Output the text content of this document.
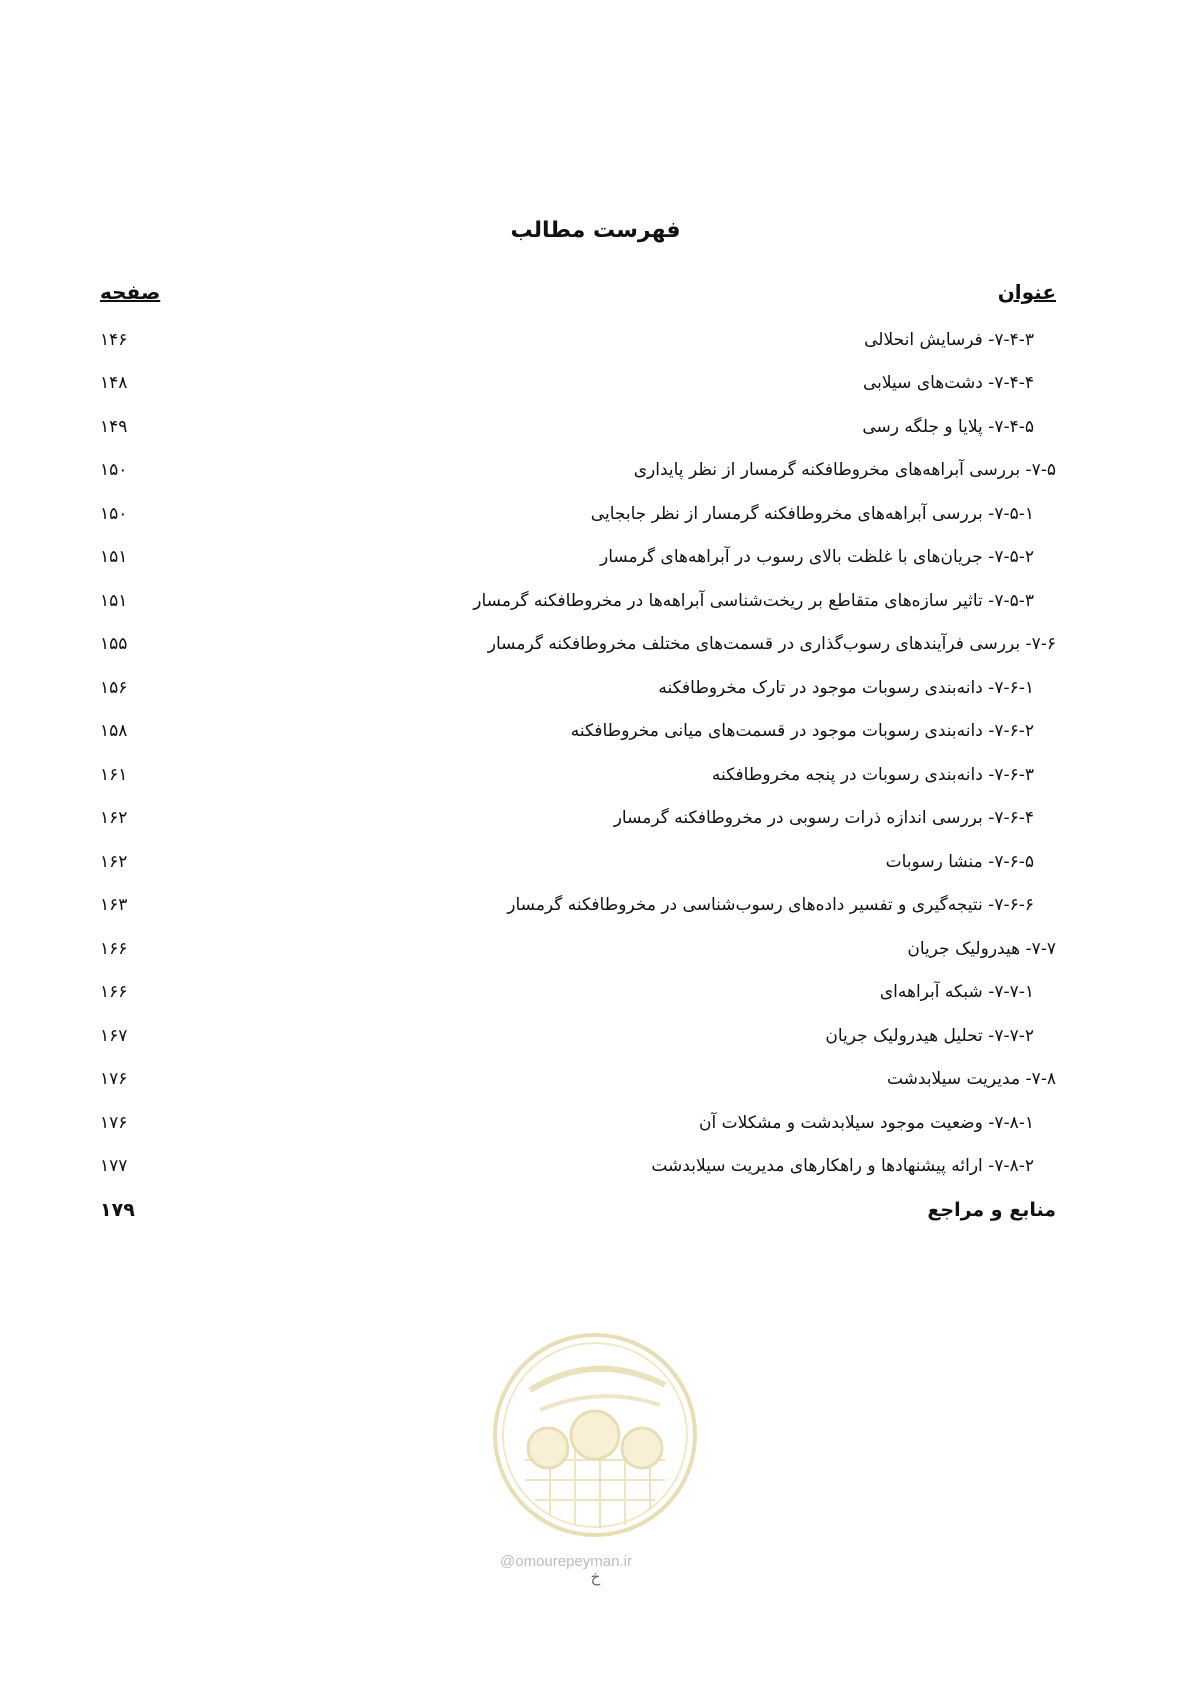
فهرست مطالب
عنوان
صفحه
۷-۴-۳- فرسایش انحلالی
۱۴۶
۷-۴-۴- دشت‌های سیلابی
۱۴۸
۷-۴-۵- پلایا و جلگه رسی
۱۴۹
۷-۵- بررسی آبراهه‌های مخروطافکنه گرمسار از نظر پایداری
۱۵۰
۷-۵-۱- بررسی آبراهه‌های مخروطافکنه گرمسار از نظر جابجایی
۱۵۰
۷-۵-۲- جریان‌های با غلظت بالای رسوب در آبراهه‌های گرمسار
۱۵۱
۷-۵-۳- تاثیر سازه‌های متقاطع بر ریخت‌شناسی آبراهه‌ها در مخروطافکنه گرمسار
۱۵۱
۷-۶- بررسی فرآیندهای رسوب‌گذاری در قسمت‌های مختلف مخروطافکنه گرمسار
۱۵۵
۷-۶-۱- دانه‌بندی رسوبات موجود در تارک مخروطافکنه
۱۵۶
۷-۶-۲- دانه‌بندی رسوبات موجود در قسمت‌های میانی مخروطافکنه
۱۵۸
۷-۶-۳- دانه‌بندی رسوبات در پنجه مخروطافکنه
۱۶۱
۷-۶-۴- بررسی اندازه ذرات رسوبی در مخروطافکنه گرمسار
۱۶۲
۷-۶-۵- منشا رسوبات
۱۶۲
۷-۶-۶- نتیجه‌گیری و تفسیر داده‌های رسوب‌شناسی در مخروطافکنه گرمسار
۱۶۳
۷-۷- هیدرولیک جریان
۱۶۶
۷-۷-۱- شبکه آبراهه‌ای
۱۶۶
۷-۷-۲- تحلیل هیدرولیک جریان
۱۶۷
۷-۸- مدیریت سیلابدشت
۱۷۶
۷-۸-۱- وضعیت موجود سیلابدشت و مشکلات آن
۱۷۶
۷-۸-۲- ارائه پیشنهادها و راهکارهای مدیریت سیلابدشت
۱۷۷
منابع و مراجع
۱۷۹
@omourepeyman.ir
خ
